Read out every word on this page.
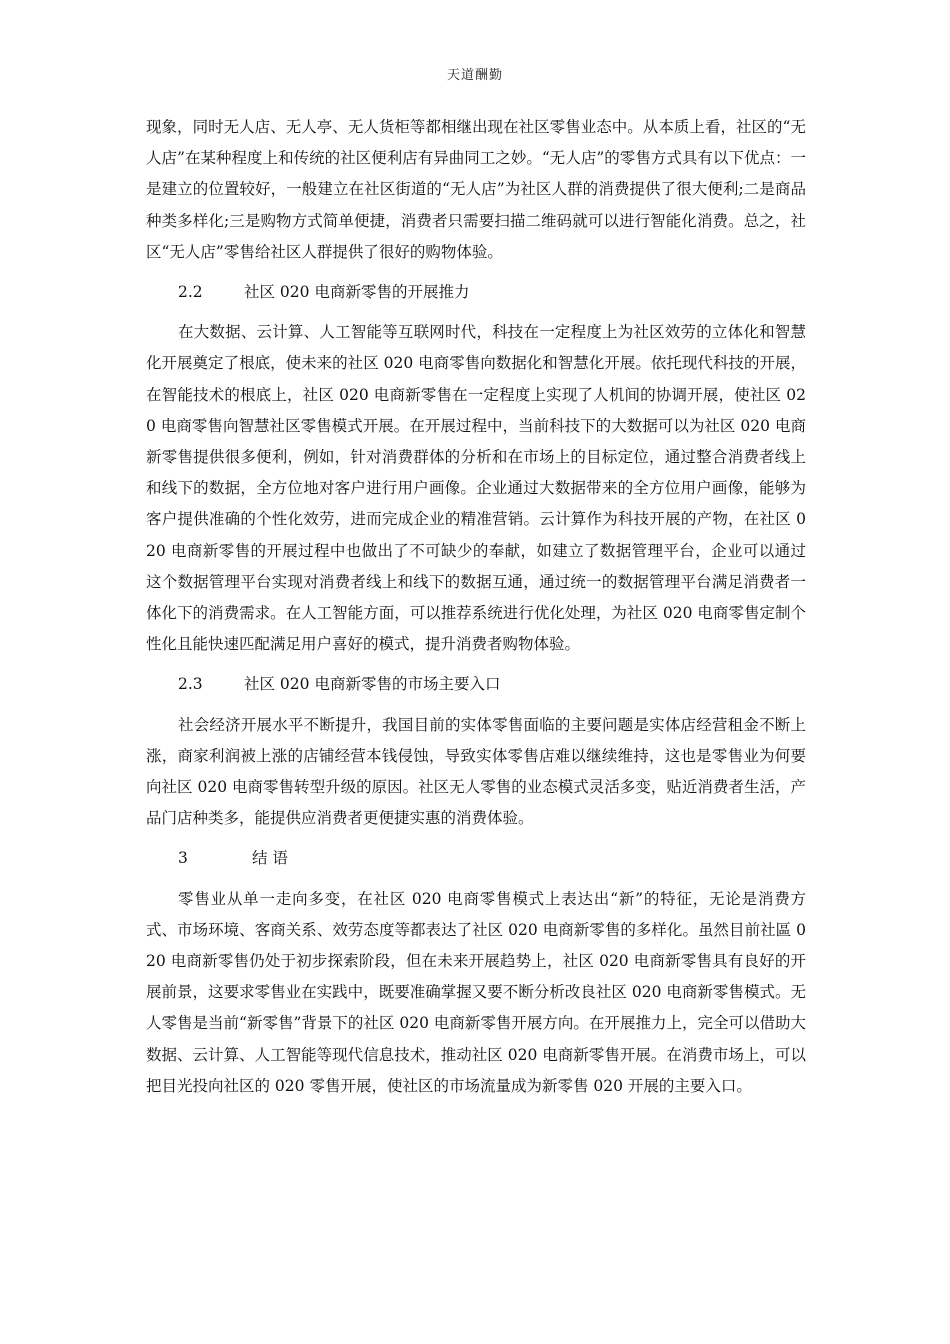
天道酬勤

现象，同时无人店、无人亭、无人货柜等都相继出现在社区零售业态中。从本质上看，社区的“无人店”在某种程度上和传统的社区便利店有异曲同工之妙。“无人店”的零售方式具有以下优点：一是建立的位置较好，一般建立在社区街道的“无人店”为社区人群的消费提供了很大便利;二是商品种类多样化;三是购物方式简单便捷，消费者只需要扫描二维码就可以进行智能化消费。总之，社区“无人店”零售给社区人群提供了很好的购物体验。

2.2	社区 020 电商新零售的开展推力

在大数据、云计算、人工智能等互联网时代，科技在一定程度上为社区效劳的立体化和智慧化开展奠定了根底，使未来的社区 020 电商零售向数据化和智慧化开展。依托现代科技的开展，在智能技术的根底上，社区 020 电商新零售在一定程度上实现了人机间的协调开展，使社区 020 电商零售向智慧社区零售模式开展。在开展过程中，当前科技下的大数据可以为社区 020 电商新零售提供很多便利，例如，针对消费群体的分析和在市场上的目标定位，通过整合消费者线上和线下的数据，全方位地对客户进行用户画像。企业通过大数据带来的全方位用户画像，能够为客户提供准确的个性化效劳，进而完成企业的精准营销。云计算作为科技开展的产物，在社区 020 电商新零售的开展过程中也做出了不可缺少的奉献，如建立了数据管理平台，企业可以通过这个数据管理平台实现对消费者线上和线下的数据互通，通过统一的数据管理平台满足消费者一体化下的消费需求。在人工智能方面，可以推荐系统进行优化处理，为社区 020 电商零售定制个性化且能快速匹配满足用户喜好的模式，提升消费者购物体验。

2.3	社区 020 电商新零售的市场主要入口

社会经济开展水平不断提升，我国目前的实体零售面临的主要问题是实体店经营租金不断上涨，商家利润被上涨的店铺经营本钱侵蚀，导致实体零售店难以继续维持，这也是零售业为何要向社区 020 电商零售转型升级的原因。社区无人零售的业态模式灵活多变，贴近消费者生活，产品门店种类多，能提供应消费者更便捷实惠的消费体验。

3	结 语

零售业从单一走向多变，在社区 020 电商零售模式上表达出“新”的特征，无论是消费方式、市场环境、客商关系、效劳态度等都表达了社区 020 电商新零售的多样化。虽然目前社區 020 电商新零售仍处于初步探索阶段，但在未来开展趋势上，社区 020 电商新零售具有良好的开展前景，这要求零售业在实践中，既要准确掌握又要不断分析改良社区 020 电商新零售模式。无人零售是当前“新零售”背景下的社区 020 电商新零售开展方向。在开展推力上，完全可以借助大数据、云计算、人工智能等现代信息技术，推动社区 020 电商新零售开展。在消费市场上，可以把目光投向社区的 020 零售开展，使社区的市场流量成为新零售 020 开展的主要入口。
